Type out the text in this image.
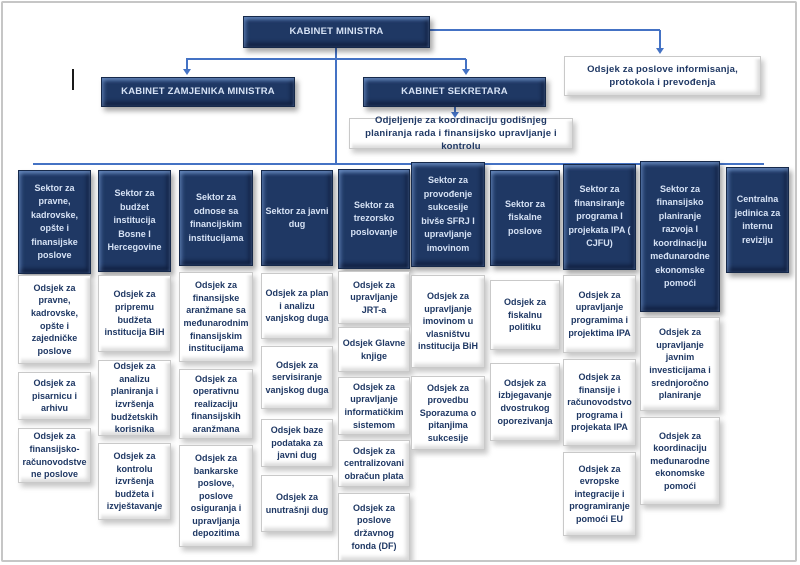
KABINET MINISTRA
KABINET ZAMJENIKA MINISTRA	KABINET SEKRETARA
Odsjek za poslove informisanja, protokola i prevođenja
Odjeljenje za koordinaciju godišnjeg planiranja rada i finansijsko upravljanje i kontrolu
Sektor za pravne, kadrovske, opšte i finansijske poslove
Sektor za budžet institucija Bosne I Hercegovine
Sektor za odnose sa financijskim institucijama
Sektor za javni dug
Sektor za trezorsko poslovanje
Sektor za provođenje sukcesije bivše SFRJ I upravljanje imovinom
Sektor za fiskalne poslove
Sektor za finansiranje programa I projekata IPA ( CJFU)
Sektor za finansijsko planiranje razvoja I koordinaciju međunarodne ekonomske pomoći
Centralna jedinica za internu reviziju
Odsjek za pravne, kadrovske, opšte i zajedničke poslove
Odsjek za pisarnicu i arhivu
Odsjek za finansijsko-računovodstvene poslove
Odsjek za pripremu budžeta institucija BiH
Odsjek za analizu planiranja i izvršenja budžetskih korisnika
Odsjek za kontrolu izvršenja budžeta i izvještavanje
Odsjek za finansijske aranžmane sa međunarodnim finansijskim institucijama
Odsjek za operativnu realizaciju finansijskih aranžmana
Odsjek za bankarske poslove, poslove osiguranja i upravljanja depozitima
Odsjek za plan i analizu vanjskog duga
Odsjek za servisiranje vanjskog duga
Odsjek baze podataka za javni dug
Odsjek za unutrašnji dug
Odsjek za upravljanje JRT-a
Odsjek Glavne knjige
Odsjek za upravljanje informatičkim sistemom
Odsjek za centralizovani obračun plata
Odsjek za poslove državnog fonda (DF)
Odsjek za upravljanje imovinom u vlasništvu institucija BiH
Odsjek za provedbu Sporazuma o pitanjima sukcesije
Odsjek za fiskalnu politiku
Odsjek za izbjegavanje dvostrukog oporezivanja
Odsjek za upravljanje programima i projektima IPA
Odsjek za finansije i računovodstvo programa i projekata IPA
Odsjek za evropske integracije i programiranje pomoći EU
Odsjek za upravljanje javnim investicijama i srednjoročno planiranje
Odsjek za koordinaciju međunarodne ekonomske pomoći
